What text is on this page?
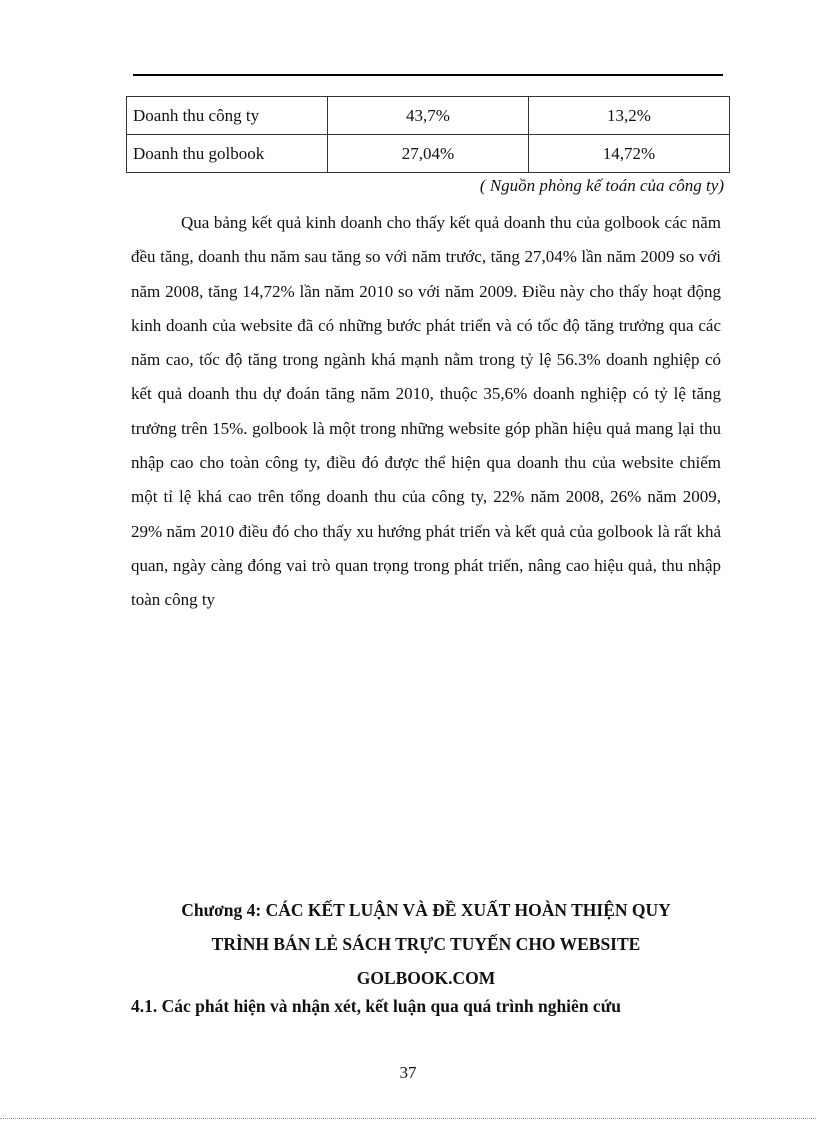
Doanh thu công ty	43,7%	13,2%
Doanh thu golbook	27,04%	14,72%
( Nguồn phòng kế toán của công ty)

Qua bảng kết quả kinh doanh cho thấy kết quả doanh thu của golbook các năm đều tăng, doanh thu năm sau tăng so với năm trước, tăng 27,04% lần năm 2009 so với năm 2008, tăng 14,72% lần năm 2010 so với năm 2009. Điều này cho thấy hoạt động kinh doanh của website đã có những bước phát triển và có tốc độ tăng trưởng qua các năm cao, tốc độ tăng trong ngành khá mạnh nằm trong tỷ lệ 56.3% doanh nghiệp có kết quả doanh thu dự đoán tăng năm 2010, thuộc 35,6% doanh nghiệp có tỷ lệ tăng trưởng trên 15%. golbook là một trong những website góp phần hiệu quả mang lại thu nhập cao cho toàn công ty, điều đó được thể hiện qua doanh thu của website chiếm một tỉ lệ khá cao trên tổng doanh thu của công ty, 22% năm 2008, 26% năm 2009, 29% năm 2010 điều đó cho thấy xu hướng phát triển và kết quả của golbook là rất khả quan, ngày càng đóng vai trò quan trọng trong phát triển, nâng cao hiệu quả, thu nhập toàn công ty

Chương 4: CÁC KẾT LUẬN VÀ ĐỀ XUẤT HOÀN THIỆN QUY
TRÌNH BÁN LẺ SÁCH TRỰC TUYẾN CHO WEBSITE
GOLBOOK.COM
4.1. Các phát hiện và nhận xét, kết luận qua quá trình nghiên cứu
37
